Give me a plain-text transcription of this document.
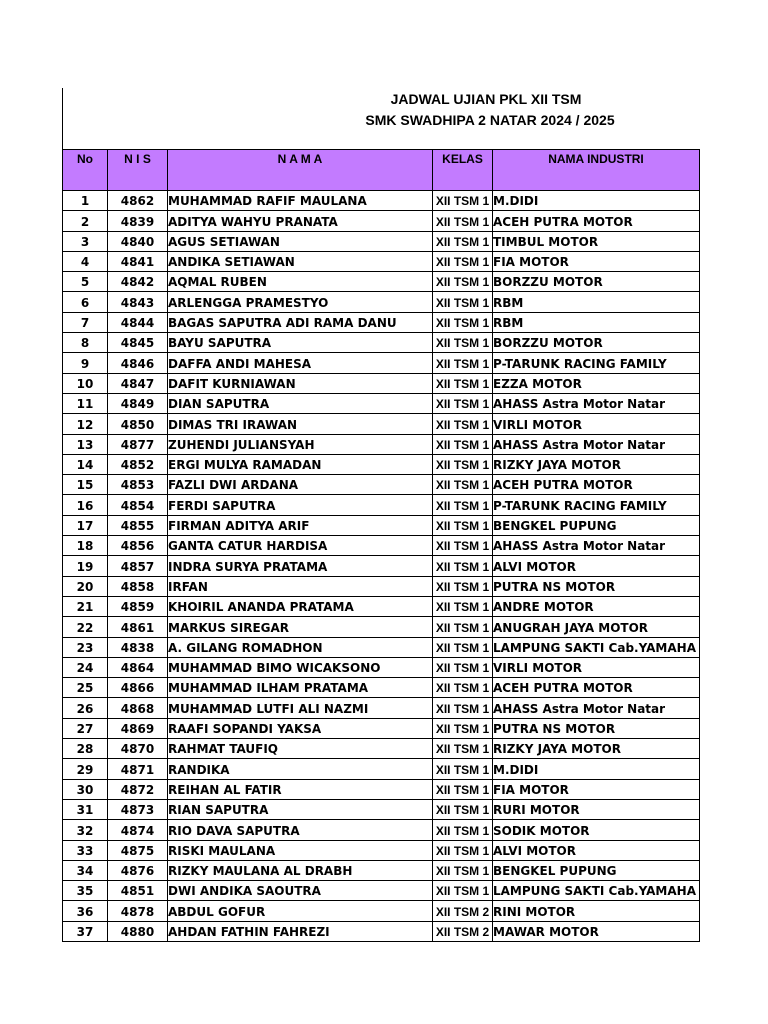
JADWAL UJIAN PKL XII TSM
SMK SWADHIPA 2 NATAR 2024 / 2025
No	N I S	N A M A	KELAS	NAMA INDUSTRI
1	4862	MUHAMMAD RAFIF MAULANA	XII TSM 1	M.DIDI
2	4839	ADITYA WAHYU PRANATA	XII TSM 1	ACEH PUTRA MOTOR
3	4840	AGUS SETIAWAN	XII TSM 1	TIMBUL MOTOR
4	4841	ANDIKA SETIAWAN	XII TSM 1	FIA MOTOR
5	4842	AQMAL RUBEN	XII TSM 1	BORZZU MOTOR
6	4843	ARLENGGA PRAMESTYO	XII TSM 1	RBM
7	4844	BAGAS SAPUTRA ADI RAMA DANU	XII TSM 1	RBM
8	4845	BAYU SAPUTRA	XII TSM 1	BORZZU MOTOR
9	4846	DAFFA ANDI MAHESA	XII TSM 1	P-TARUNK RACING FAMILY
10	4847	DAFIT KURNIAWAN	XII TSM 1	EZZA MOTOR
11	4849	DIAN SAPUTRA	XII TSM 1	AHASS Astra Motor Natar
12	4850	DIMAS TRI IRAWAN	XII TSM 1	VIRLI MOTOR
13	4877	ZUHENDI JULIANSYAH	XII TSM 1	AHASS Astra Motor Natar
14	4852	ERGI MULYA RAMADAN	XII TSM 1	RIZKY JAYA MOTOR
15	4853	FAZLI DWI ARDANA	XII TSM 1	ACEH PUTRA MOTOR
16	4854	FERDI SAPUTRA	XII TSM 1	P-TARUNK RACING FAMILY
17	4855	FIRMAN ADITYA ARIF	XII TSM 1	BENGKEL PUPUNG
18	4856	GANTA CATUR HARDISA	XII TSM 1	AHASS Astra Motor Natar
19	4857	INDRA SURYA PRATAMA	XII TSM 1	ALVI MOTOR
20	4858	IRFAN	XII TSM 1	PUTRA NS MOTOR
21	4859	KHOIRIL ANANDA PRATAMA	XII TSM 1	ANDRE MOTOR
22	4861	MARKUS SIREGAR	XII TSM 1	ANUGRAH JAYA MOTOR
23	4838	A. GILANG ROMADHON	XII TSM 1	LAMPUNG SAKTI Cab.YAMAHA
24	4864	MUHAMMAD BIMO WICAKSONO	XII TSM 1	VIRLI MOTOR
25	4866	MUHAMMAD ILHAM PRATAMA	XII TSM 1	ACEH PUTRA MOTOR
26	4868	MUHAMMAD LUTFI ALI NAZMI	XII TSM 1	AHASS Astra Motor Natar
27	4869	RAAFI SOPANDI YAKSA	XII TSM 1	PUTRA NS MOTOR
28	4870	RAHMAT TAUFIQ	XII TSM 1	RIZKY JAYA MOTOR
29	4871	RANDIKA	XII TSM 1	M.DIDI
30	4872	REIHAN AL FATIR	XII TSM 1	FIA MOTOR
31	4873	RIAN SAPUTRA	XII TSM 1	RURI MOTOR
32	4874	RIO DAVA SAPUTRA	XII TSM 1	SODIK MOTOR
33	4875	RISKI MAULANA	XII TSM 1	ALVI MOTOR
34	4876	RIZKY MAULANA AL DRABH	XII TSM 1	BENGKEL PUPUNG
35	4851	DWI ANDIKA SAOUTRA	XII TSM 1	LAMPUNG SAKTI Cab.YAMAHA
36	4878	ABDUL GOFUR	XII TSM 2	RINI MOTOR
37	4880	AHDAN FATHIN FAHREZI	XII TSM 2	MAWAR MOTOR
